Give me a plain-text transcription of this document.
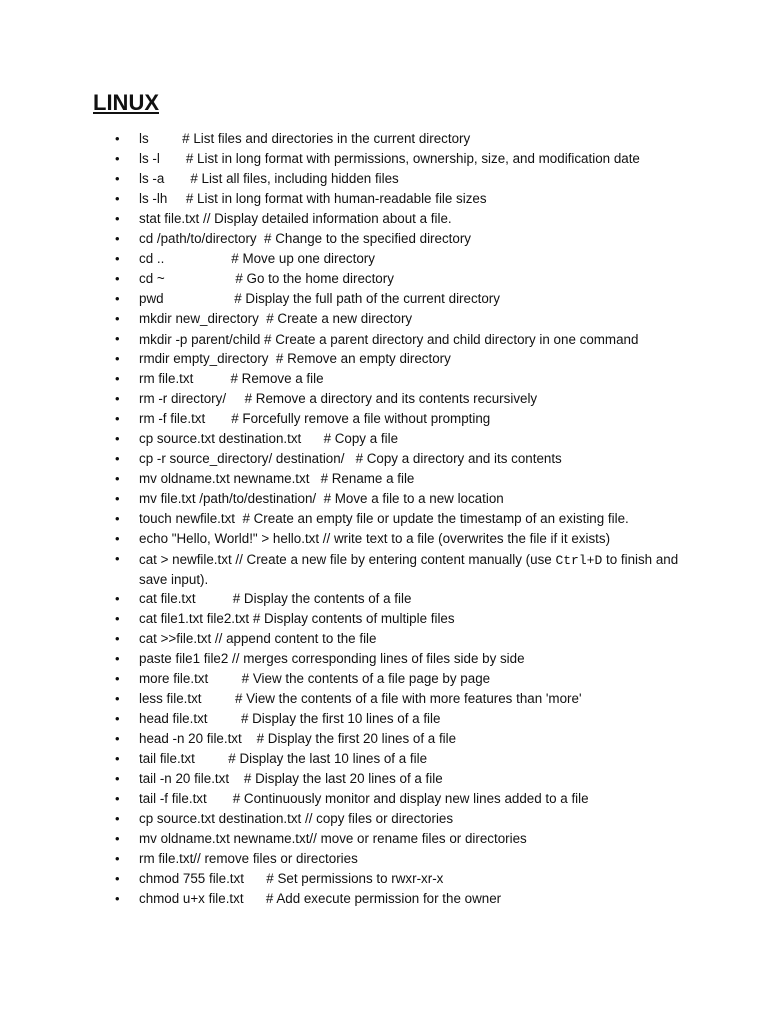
LINUX
• ls         # List files and directories in the current directory
• ls -l       # List in long format with permissions, ownership, size, and modification date
• ls -a       # List all files, including hidden files
• ls -lh     # List in long format with human-readable file sizes
• stat file.txt // Display detailed information about a file.
• cd /path/to/directory  # Change to the specified directory
• cd ..                  # Move up one directory
• cd ~                   # Go to the home directory
• pwd                   # Display the full path of the current directory
• mkdir new_directory  # Create a new directory
• mkdir -p parent/child # Create a parent directory and child directory in one command
• rmdir empty_directory  # Remove an empty directory
• rm file.txt          # Remove a file
• rm -r directory/     # Remove a directory and its contents recursively
• rm -f file.txt       # Forcefully remove a file without prompting
• cp source.txt destination.txt      # Copy a file
• cp -r source_directory/ destination/   # Copy a directory and its contents
• mv oldname.txt newname.txt   # Rename a file
• mv file.txt /path/to/destination/  # Move a file to a new location
• touch newfile.txt  # Create an empty file or update the timestamp of an existing file.
• echo "Hello, World!" > hello.txt // write text to a file (overwrites the file if it exists)
• cat > newfile.txt // Create a new file by entering content manually (use Ctrl+D to finish and save input).
• cat file.txt          # Display the contents of a file
• cat file1.txt file2.txt # Display contents of multiple files
• cat >>file.txt // append content to the file
• paste file1 file2 // merges corresponding lines of files side by side
• more file.txt         # View the contents of a file page by page
• less file.txt         # View the contents of a file with more features than 'more'
• head file.txt         # Display the first 10 lines of a file
• head -n 20 file.txt    # Display the first 20 lines of a file
• tail file.txt         # Display the last 10 lines of a file
• tail -n 20 file.txt    # Display the last 20 lines of a file
• tail -f file.txt       # Continuously monitor and display new lines added to a file
• cp source.txt destination.txt // copy files or directories
• mv oldname.txt newname.txt// move or rename files or directories
• rm file.txt// remove files or directories
• chmod 755 file.txt      # Set permissions to rwxr-xr-x
• chmod u+x file.txt      # Add execute permission for the owner
